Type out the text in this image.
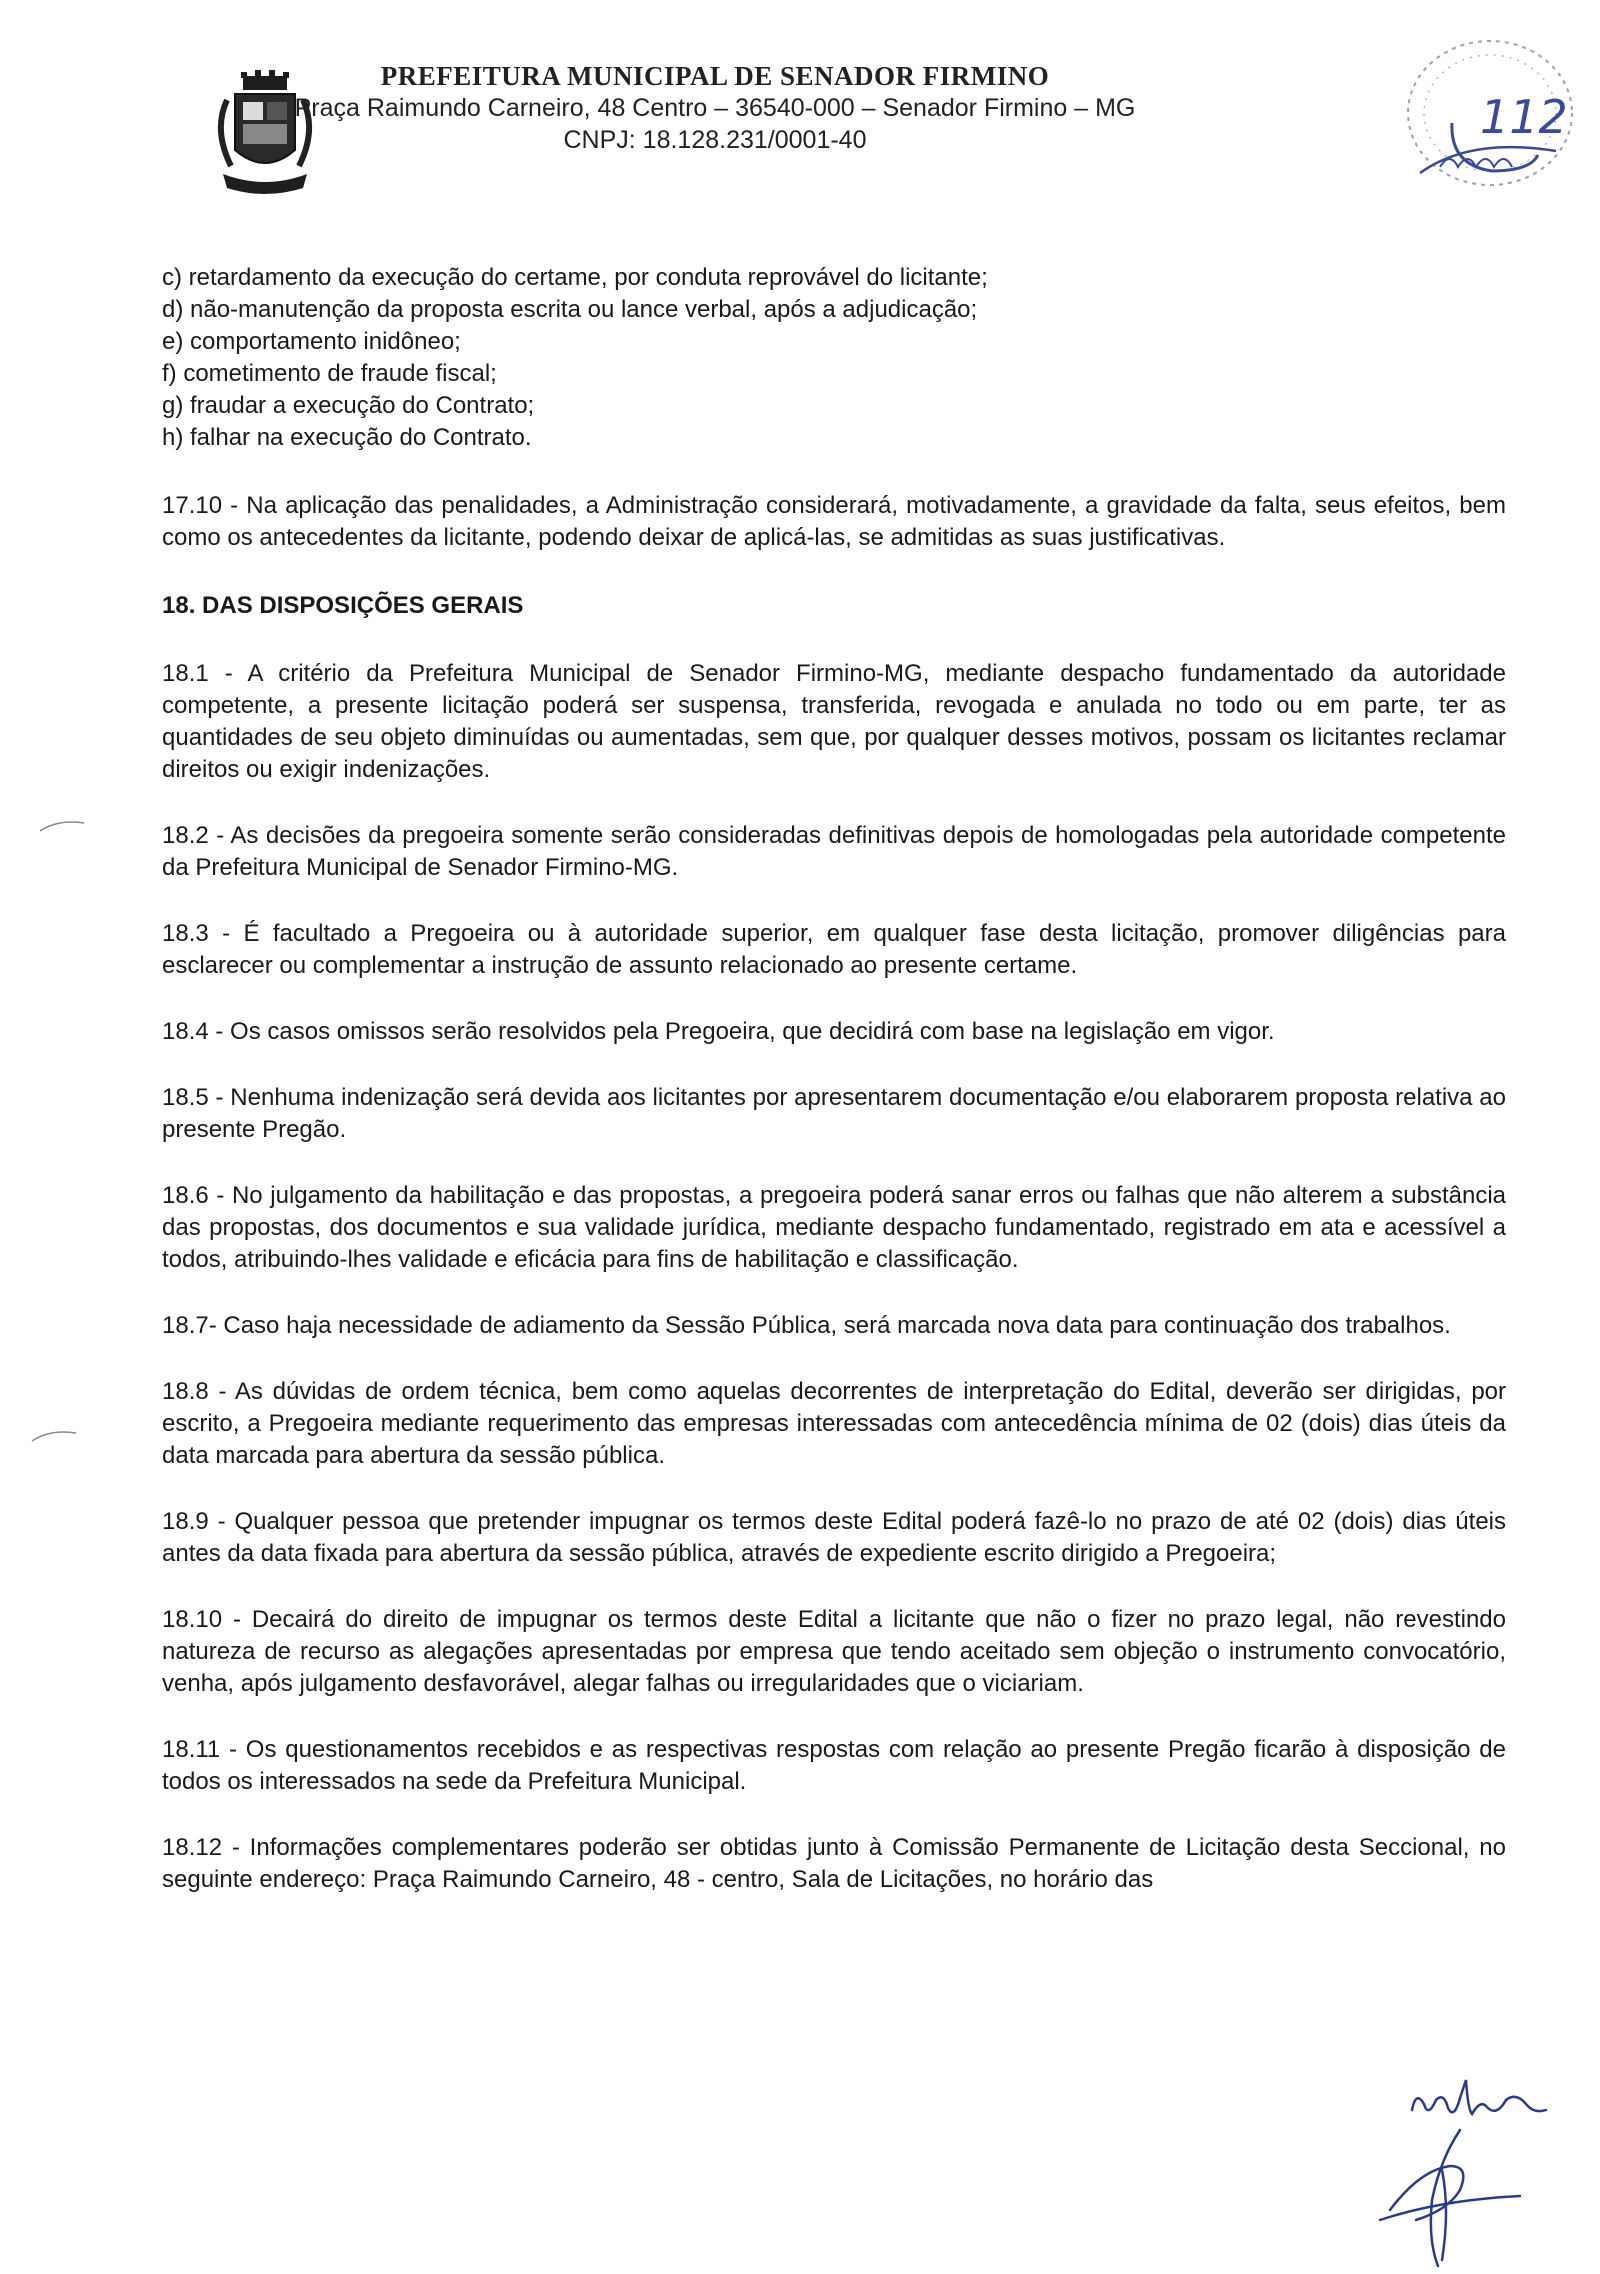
PREFEITURA MUNICIPAL DE SENADOR FIRMINO
Praça Raimundo Carneiro, 48 Centro – 36540-000 – Senador Firmino – MG
CNPJ: 18.128.231/0001-40	112
c) retardamento da execução do certame, por conduta reprovável do licitante;
d) não-manutenção da proposta escrita ou lance verbal, após a adjudicação;
e) comportamento inidôneo;
f) cometimento de fraude fiscal;
g) fraudar a execução do Contrato;
h) falhar na execução do Contrato.

17.10 - Na aplicação das penalidades, a Administração considerará, motivadamente, a gravidade da falta, seus efeitos, bem como os antecedentes da licitante, podendo deixar de aplicá-las, se admitidas as suas justificativas.

18. DAS DISPOSIÇÕES GERAIS

18.1 - A critério da Prefeitura Municipal de Senador Firmino-MG, mediante despacho fundamentado da autoridade competente, a presente licitação poderá ser suspensa, transferida, revogada e anulada no todo ou em parte, ter as quantidades de seu objeto diminuídas ou aumentadas, sem que, por qualquer desses motivos, possam os licitantes reclamar direitos ou exigir indenizações.

18.2 - As decisões da pregoeira somente serão consideradas definitivas depois de homologadas pela autoridade competente da Prefeitura Municipal de Senador Firmino-MG.

18.3 - É facultado a Pregoeira ou à autoridade superior, em qualquer fase desta licitação, promover diligências para esclarecer ou complementar a instrução de assunto relacionado ao presente certame.

18.4 - Os casos omissos serão resolvidos pela Pregoeira, que decidirá com base na legislação em vigor.

18.5 - Nenhuma indenização será devida aos licitantes por apresentarem documentação e/ou elaborarem proposta relativa ao presente Pregão.

18.6 - No julgamento da habilitação e das propostas, a pregoeira poderá sanar erros ou falhas que não alterem a substância das propostas, dos documentos e sua validade jurídica, mediante despacho fundamentado, registrado em ata e acessível a todos, atribuindo-lhes validade e eficácia para fins de habilitação e classificação.

18.7- Caso haja necessidade de adiamento da Sessão Pública, será marcada nova data para continuação dos trabalhos.

18.8 - As dúvidas de ordem técnica, bem como aquelas decorrentes de interpretação do Edital, deverão ser dirigidas, por escrito, a Pregoeira mediante requerimento das empresas interessadas com antecedência mínima de 02 (dois) dias úteis da data marcada para abertura da sessão pública.

18.9 - Qualquer pessoa que pretender impugnar os termos deste Edital poderá fazê-lo no prazo de até 02 (dois) dias úteis antes da data fixada para abertura da sessão pública, através de expediente escrito dirigido a Pregoeira;

18.10 - Decairá do direito de impugnar os termos deste Edital a licitante que não o fizer no prazo legal, não revestindo natureza de recurso as alegações apresentadas por empresa que tendo aceitado sem objeção o instrumento convocatório, venha, após julgamento desfavorável, alegar falhas ou irregularidades que o viciariam.

18.11 - Os questionamentos recebidos e as respectivas respostas com relação ao presente Pregão ficarão à disposição de todos os interessados na sede da Prefeitura Municipal.

18.12 - Informações complementares poderão ser obtidas junto à Comissão Permanente de Licitação desta Seccional, no seguinte endereço: Praça Raimundo Carneiro, 48 - centro, Sala de Licitações, no horário das
